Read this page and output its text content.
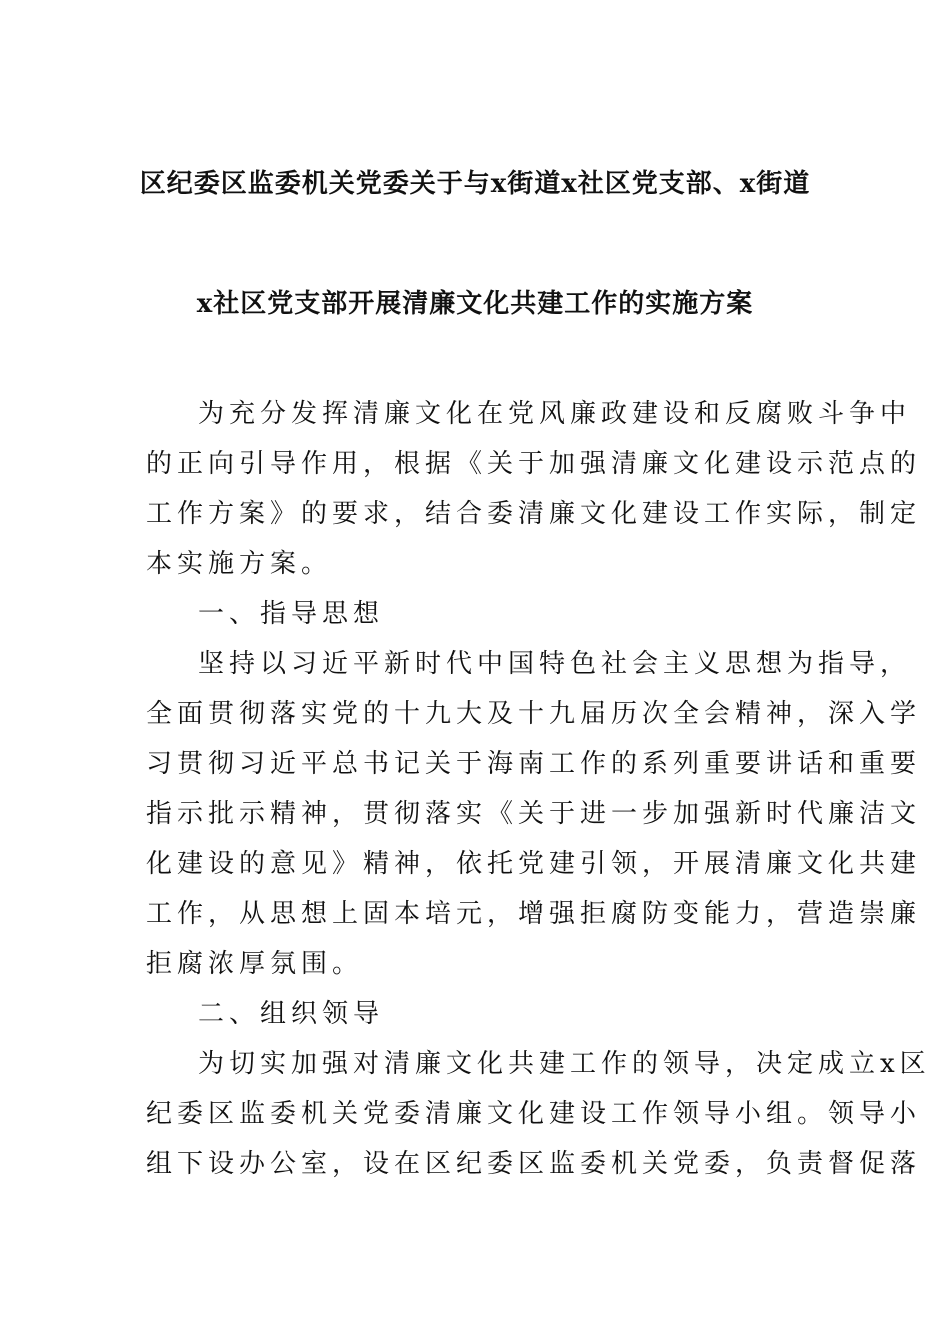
区纪委区监委机关党委关于与x街道x社区党支部、x街道
x社区党支部开展清廉文化共建工作的实施方案
为充分发挥清廉文化在党风廉政建设和反腐败斗争中
的正向引导作用，根据《关于加强清廉文化建设示范点的
工作方案》的要求，结合委清廉文化建设工作实际，制定
本实施方案。
一、指导思想
坚持以习近平新时代中国特色社会主义思想为指导，
全面贯彻落实党的十九大及十九届历次全会精神，深入学
习贯彻习近平总书记关于海南工作的系列重要讲话和重要
指示批示精神，贯彻落实《关于进一步加强新时代廉洁文
化建设的意见》精神，依托党建引领，开展清廉文化共建
工作，从思想上固本培元，增强拒腐防变能力，营造崇廉
拒腐浓厚氛围。
二、组织领导
为切实加强对清廉文化共建工作的领导，决定成立x区
纪委区监委机关党委清廉文化建设工作领导小组。领导小
组下设办公室，设在区纪委区监委机关党委，负责督促落
